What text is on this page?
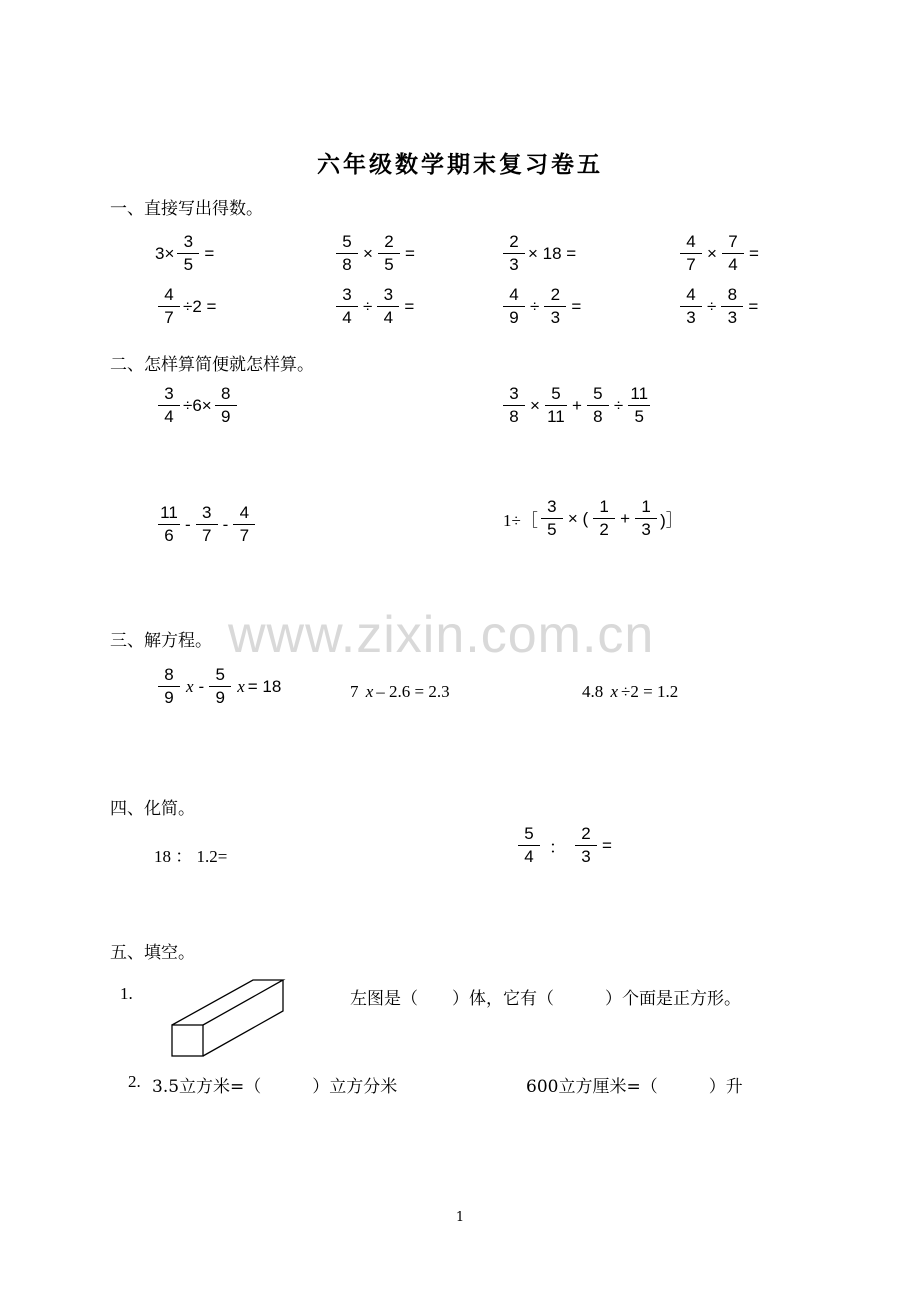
六年级数学期末复习卷五
一、直接写出得数。
$3\times \frac{3}{5}$ =	$\frac{5}{8} \times \frac{2}{5}$ =	$\frac{2}{3} \times 18$ =	$\frac{4}{7} \times \frac{7}{4}$ =
$\frac{4}{7} \div 2$ =	$\frac{3}{4} \div \frac{3}{4}$ =	$\frac{4}{9} \div \frac{2}{3}$ =	$\frac{4}{3} \div \frac{8}{3}$ =
二、怎样算简便就怎样算。
$\frac{3}{4} \div 6\times \frac{8}{9}$	$\frac{3}{8} \times \frac{5}{11} + \frac{5}{8} \div \frac{11}{5}$
$\frac{11}{6} - \frac{3}{7} - \frac{4}{7}$	1÷［ $\frac{3}{5}$ × ( $\frac{1}{2} + \frac{1}{3}$ )］
www.zixin.com.cn
三、解方程。
$\frac{8}{9}$ x - $\frac{5}{9}$ x = 18	7 x – 2.6 = 2.3	4.8 x ÷2 = 1.2
四、化简。
18 ： 1.2=	$\frac{5}{4}$ ： $\frac{2}{3}$ =
五、填空。
1.	左图是（　　）体，它有（　　　）个面是正方形。
2. 3.5立方米=（　　　）立方分米	600立方厘米=（　　　）升
1
